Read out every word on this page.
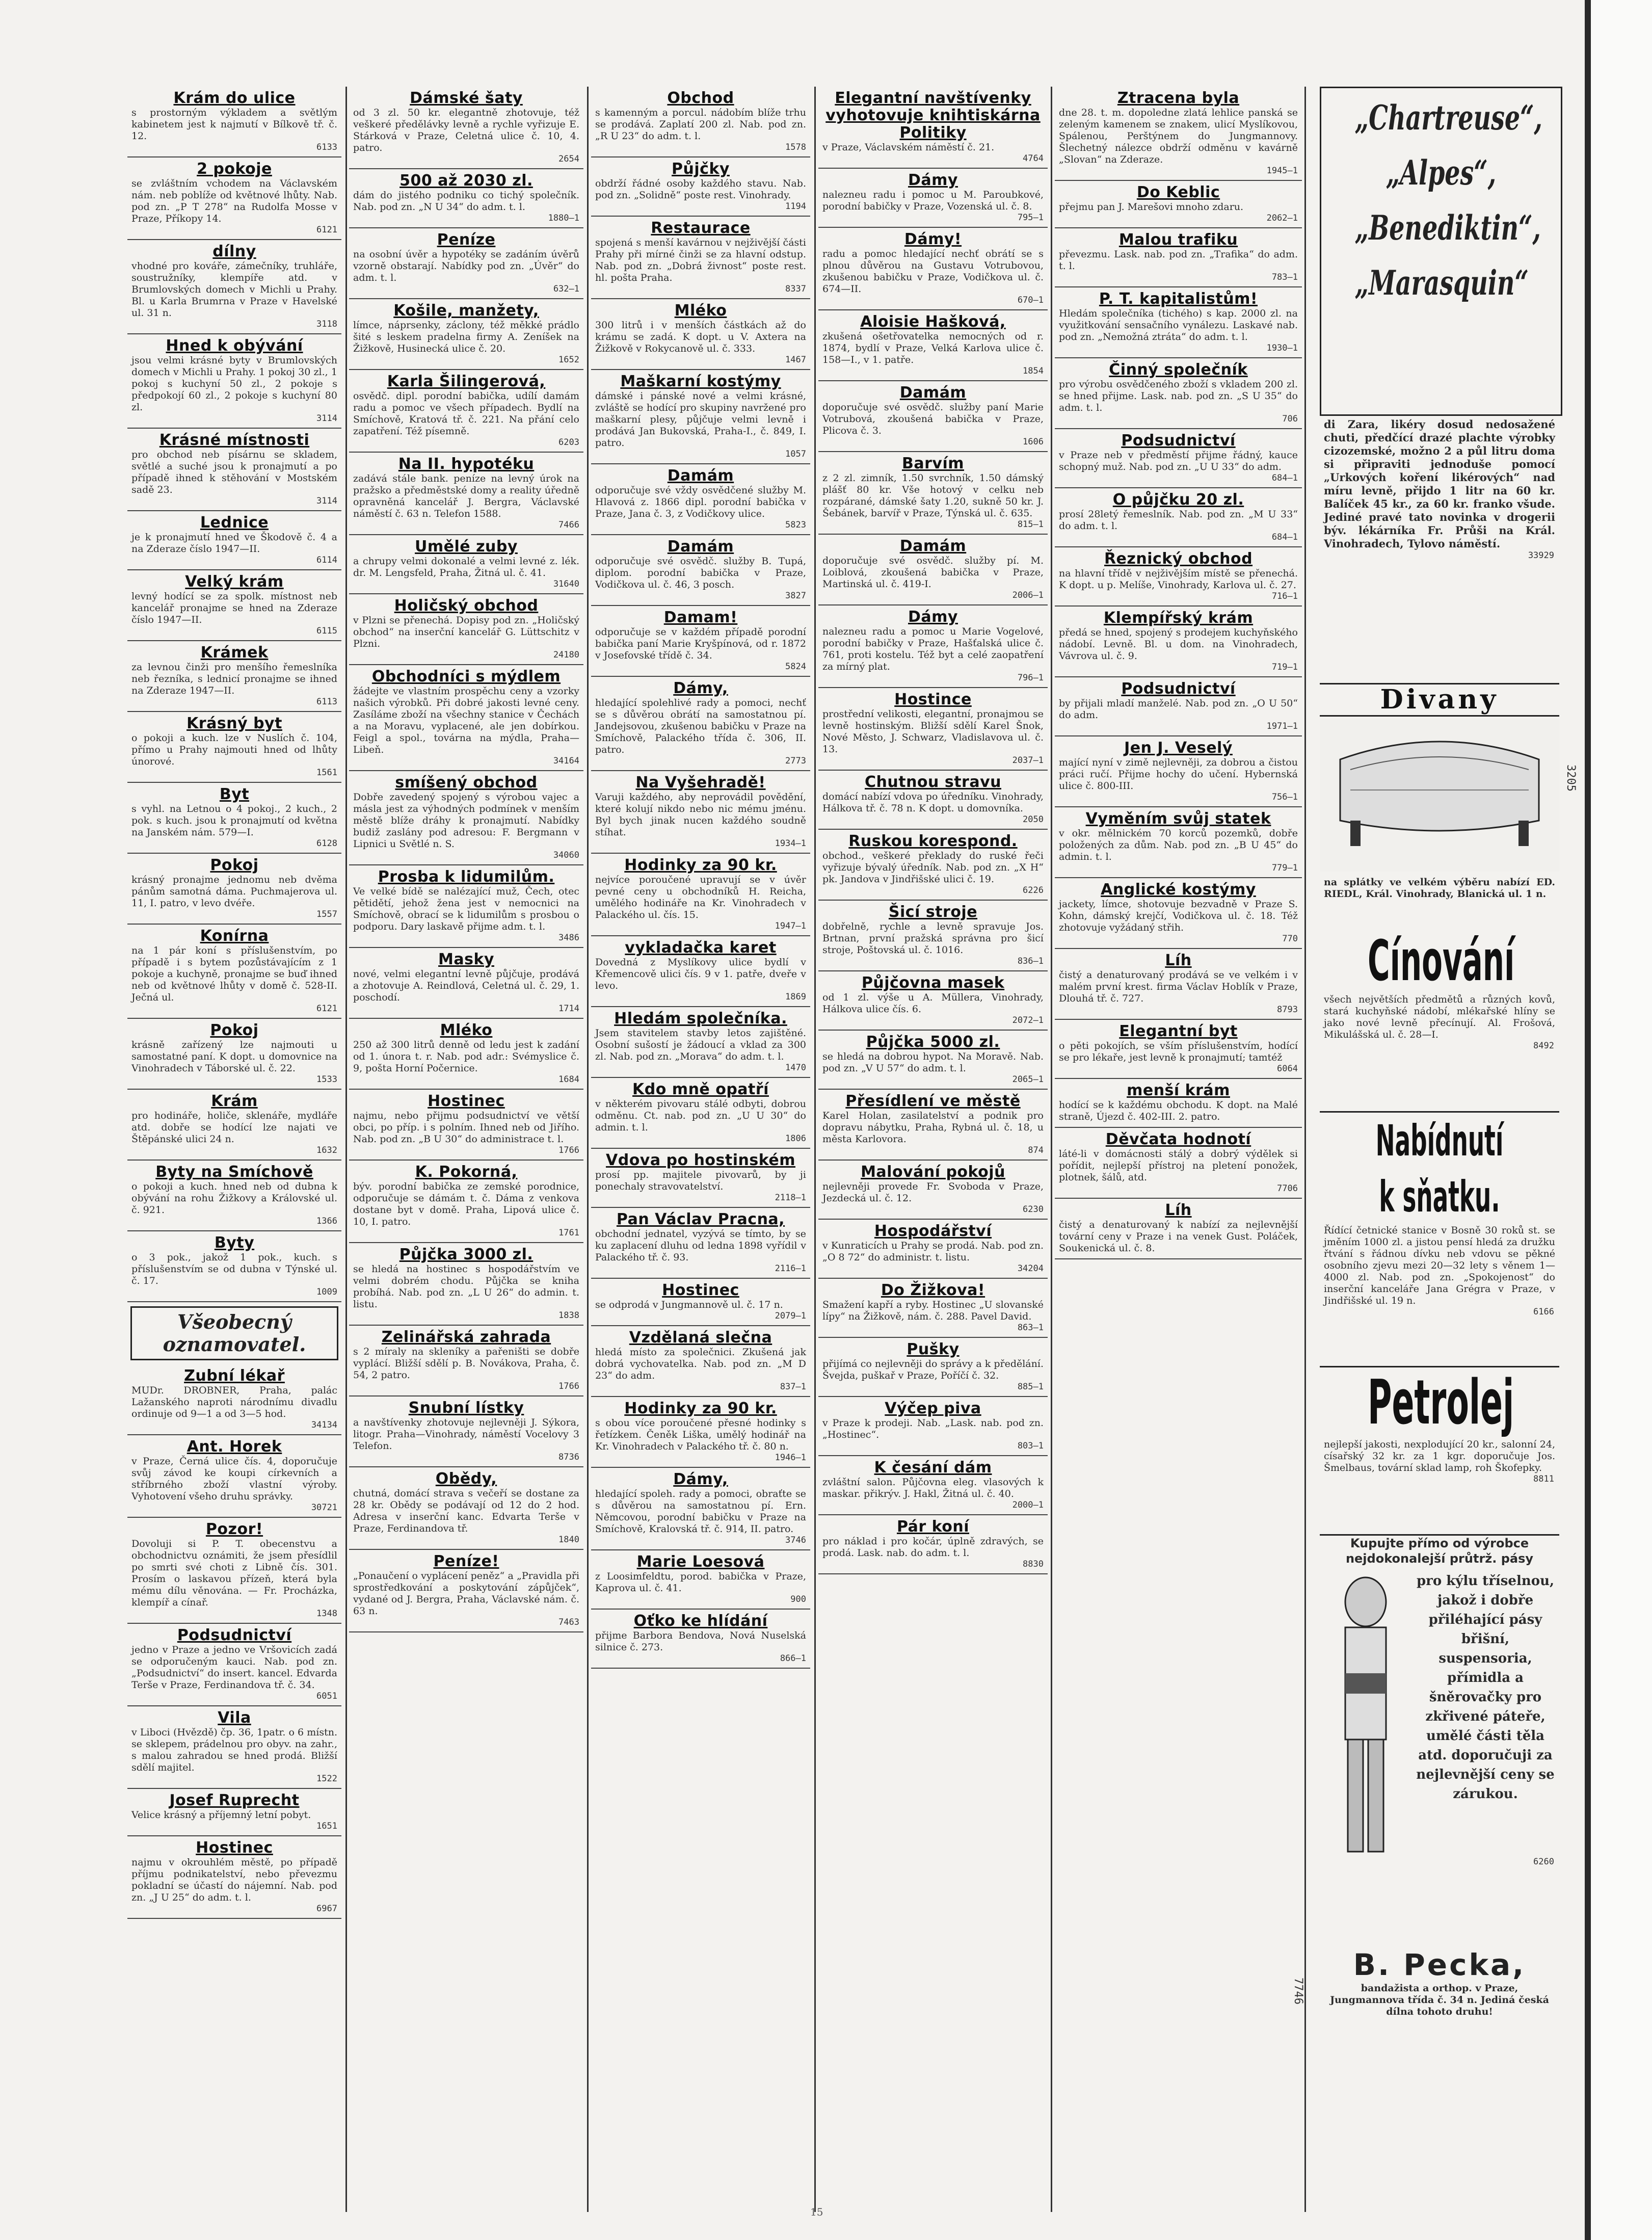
Krám do ulice
s prostorným výkladem a světlým kabinetem jest k najmutí v Bílkově tř. č. 12.
6133
2 pokoje
se zvláštním vchodem na Václavském nám. neb poblíže od květnové lhůty. Nab. pod zn. „P T 278“ na Rudolfa Mosse v Praze, Příkopy 14.
6121
dílny
vhodné pro kováře, zámečníky, truhláře, soustružníky, klempíře atd. v Brumlovských domech v Michli u Prahy. Bl. u Karla Brumrna v Praze v Havelské ul. 31 n.
3118
Hned k obývání
jsou velmi krásné byty v Brumlovských domech v Michli u Prahy. 1 pokoj 30 zl., 1 pokoj s kuchyní 50 zl., 2 pokoje s předpokojí 60 zl., 2 pokoje s kuchyní 80 zl.
3114
Krásné místnosti
pro obchod neb písárnu se skladem, světlé a suché jsou k pronajmutí a po případě ihned k stěhování v Mostském sadě 23.
3114
Lednice
je k pronajmutí hned ve Škodově č. 4 a na Zderaze číslo 1947—II.
6114
Velký krám
levný hodící se za spolk. místnost neb kancelář pronajme se hned na Zderaze číslo 1947—II.
6115
Krámek
za levnou činži pro menšího řemeslníka neb řezníka, s lednicí pronajme se ihned na Zderaze 1947—II.
6113
Krásný byt
o pokoji a kuch. lze v Nuslích č. 104, přímo u Prahy najmouti hned od lhůty únorové.
1561
Byt
s vyhl. na Letnou o 4 pokoj., 2 kuch., 2 pok. s kuch. jsou k pronajmutí od května na Janském nám. 579—I.
6128
Pokoj
krásný pronajme jednomu neb dvěma pánům samotná dáma. Puchmajerova ul. 11, I. patro, v levo dvéře.
1557
Konírna
na 1 pár koní s příslušenstvím, po případě i s bytem pozůstávajícím z 1 pokoje a kuchyně, pronajme se buď ihned neb od květnové lhůty v domě č. 528-II. Ječná ul.
6121
Pokoj
krásně zařízený lze najmouti u samostatné paní. K dopt. u domovnice na Vinohradech v Táborské ul. č. 22.
1533
Krám
pro hodináře, holiče, sklenáře, mydláře atd. dobře se hodící lze najati ve Štěpánské ulici 24 n.
1632
Byty na Smíchově
o pokoji a kuch. hned neb od dubna k obývání na rohu Žižkovy a Královské ul. č. 921.
1366
Byty
o 3 pok., jakož 1 pok., kuch. s příslušenstvím se od dubna v Týnské ul. č. 17.
1009
Všeobecný oznamovatel.
Zubní lékař
MUDr. DROBNER, Praha, palác Lažanského naproti národnímu divadlu ordinuje od 9—1 a od 3—5 hod.
34134
Ant. Horek
v Praze, Černá ulice čís. 4, doporučuje svůj závod ke koupi církevních a stříbrného zboží vlastní výroby. Vyhotovení všeho druhu správky.
30721
Pozor!
Dovoluji si P. T. obecenstvu a obchodnictvu oznámiti, že jsem přesídlil po smrti své choti z Libně čís. 301. Prosím o laskavou přízeň, která byla mému dílu věnována. — Fr. Procházka, klempíř a cínař.
1348
Podsudnictví
jedno v Praze a jedno ve Vršovicích zadá se odporučeným kauci. Nab. pod zn. „Podsudnictví“ do insert. kancel. Edvarda Terše v Praze, Ferdinandova tř. č. 34.
6051
Vila
v Liboci (Hvězdě) čp. 36, 1patr. o 6 místn. se sklepem, prádelnou pro obyv. na zahr., s malou zahradou se hned prodá. Bližší sdělí majitel.
1522
Josef Ruprecht
Velice krásný a příjemný letní pobyt.
1651
Hostinec
najmu v okrouhlém městě, po případě příjmu podnikatelství, nebo převezmu pokladní se účastí do nájemní. Nab. pod zn. „J U 25“ do adm. t. l.
6967
Dámské šaty
od 3 zl. 50 kr. elegantně zhotovuje, též veškeré předělávky levně a rychle vyřizuje E. Stárková v Praze, Celetná ulice č. 10, 4. patro.
2654
500 až 2030 zl.
dám do jistého podniku co tichý společník. Nab. pod zn. „N U 34“ do adm. t. l.
1880—1
Peníze
na osobní úvěr a hypotéky se zadáním úvěrů vzorně obstarají. Nabídky pod zn. „Úvěr“ do adm. t. l.
632—1
Košile, manžety,
límce, náprsenky, záclony, též měkké prádlo šité s leskem pradelna firmy A. Zeníšek na Žižkově, Husinecká ulice č. 20.
1652
Karla Šilingerová,
osvědč. dipl. porodní babička, udílí damám radu a pomoc ve všech případech. Bydlí na Smíchově, Kratová tř. č. 221. Na přání celo zapatření. Též písemně.
6203
Na II. hypotéku
zadává stále bank. peníze na levný úrok na pražsko a předměstské domy a reality úředně opravněná kancelář J. Bergra, Václavské náměstí č. 63 n. Telefon 1588.
7466
Umělé zuby
a chrupy velmi dokonalé a velmi levné z. lék. dr. M. Lengsfeld, Praha, Žitná ul. č. 41.
31640
Holičský obchod
v Plzni se přenechá. Dopisy pod zn. „Holičský obchod“ na inserční kancelář G. Lüttschitz v Plzni.
24180
Obchodníci s mýdlem
žádejte ve vlastním prospěchu ceny a vzorky našich výrobků. Při dobré jakosti levné ceny. Zasíláme zboží na všechny stanice v Čechách a na Moravu, vyplacené, ale jen dobírkou. Feigl a spol., továrna na mýdla, Praha—Libeň.
34164
smíšený obchod
Dobře zavedený spojený s výrobou vajec a másla jest za výhodných podmínek v menším městě blíže dráhy k pronajmutí. Nabídky budiž zaslány pod adresou: F. Bergmann v Lipnici u Světlé n. S.
34060
Prosba k lidumilům.
Ve velké bídě se nalézající muž, Čech, otec pětidětí, jehož žena jest v nemocnici na Smíchově, obrací se k lidumilům s prosbou o podporu. Dary laskavě přijme adm. t. l.
3486
Masky
nové, velmi elegantní levně půjčuje, prodává a zhotovuje A. Reindlová, Celetná ul. č. 29, 1. poschodí.
1714
Mléko
250 až 300 litrů denně od ledu jest k zadání od 1. února t. r. Nab. pod adr.: Svémyslice č. 9, pošta Horní Počernice.
1684
Hostinec
najmu, nebo přijmu podsudnictví ve větší obci, po příp. i s polním. Ihned neb od Jiřího. Nab. pod zn. „B U 30“ do administrace t. l.
1766
K. Pokorná,
býv. porodní babička ze zemské porodnice, odporučuje se dámám t. č. Dáma z venkova dostane byt v domě. Praha, Lipová ulice č. 10, I. patro.
1761
Půjčka 3000 zl.
se hledá na hostinec s hospodářstvím ve velmi dobrém chodu. Půjčka se kniha probíhá. Nab. pod zn. „L U 26“ do admin. t. listu.
1838
Zelinářská zahrada
s 2 míraly na skleníky a pařeništi se dobře vyplácí. Bližší sdělí p. B. Novákova, Praha, č. 54, 2 patro.
1766
Snubní lístky
a navštívenky zhotovuje nejlevněji J. Sýkora, litogr. Praha—Vinohrady, náměstí Vocelovy 3 Telefon.
8736
Obědy,
chutná, domácí strava s večeří se dostane za 28 kr. Obědy se podávají od 12 do 2 hod. Adresa v inserční kanc. Edvarta Terše v Praze, Ferdinandova tř.
1840
Peníze!
„Ponaučení o vyplácení peněz“ a „Pravidla při sprostředkování a poskytování zápůjček“, vydané od J. Bergra, Praha, Václavské nám. č. 63 n.
7463
Obchod
s kamenným a porcul. nádobím blíže trhu se prodává. Zaplatí 200 zl. Nab. pod zn. „R U 23“ do adm. t. l.
1578
Půjčky
obdrží řádné osoby každého stavu. Nab. pod zn. „Solidně“ poste rest. Vinohrady.
1194
Restaurace
spojená s menší kavárnou v nejživější části Prahy při mírné činži se za hlavní odstup. Nab. pod zn. „Dobrá živnost“ poste rest. hl. pošta Praha.
8337
Mléko
300 litrů i v menších částkách až do krámu se zadá. K dopt. u V. Axtera na Žižkově v Rokycanově ul. č. 333.
1467
Maškarní kostýmy
dámské i pánské nové a velmi krásné, zvláště se hodící pro skupiny navržené pro maškarní plesy, půjčuje velmi levně i prodává Jan Bukovská, Praha-I., č. 849, I. patro.
1057
Damám
odporučuje své vždy osvědčené služby M. Hlavová z. 1866 dipl. porodní babička v Praze, Jana č. 3, z Vodičkovy ulice.
5823
Damám
odporučuje své osvědč. služby B. Tupá, diplom. porodní babička v Praze, Vodičkova ul. č. 46, 3 posch.
3827
Damam!
odporučuje se v každém případě porodní babička paní Marie Kryšpínová, od r. 1872 v Josefovské třídě č. 34.
5824
Dámy,
hledající spolehlivé rady a pomoci, nechť se s důvěrou obrátí na samostatnou pí. Jandejsovou, zkušenou babičku v Praze na Smíchově, Palackého třída č. 306, II. patro.
2773
Na Vyšehradě!
Varuji každého, aby neprovádil povědění, které kolují nikdo nebo nic mému jménu. Byl bych jinak nucen každého soudně stíhat.
1934—1
Hodinky za 90 kr.
nejvíce poroučené upravují se v úvěr pevné ceny u obchodníků H. Reicha, umělého hodináře na Kr. Vinohradech v Palackého ul. čís. 15.
1947—1
vykladačka karet
Dovedná z Myslíkovy ulice bydlí v Křemencově ulici čís. 9 v 1. patře, dveře v levo.
1869
Hledám společníka.
Jsem stavitelem stavby letos zajištěné. Osobní sušostí je žádoucí a vklad za 300 zl. Nab. pod zn. „Morava“ do adm. t. l.
1470
Kdo mně opatří
v některém pivovaru stálé odbyti, dobrou odměnu. Ct. nab. pod zn. „U U 30“ do admin. t. l.
1806
Vdova po hostinském
prosí pp. majitele pivovarů, by ji ponechaly stravovatelství.
2118—1
Pan Václav Pracna,
obchodní jednatel, vyzývá se tímto, by se ku zaplacení dluhu od ledna 1898 vyřídil v Palackého tř. č. 93.
2116—1
Hostinec
se odprodá v Jungmannově ul. č. 17 n.
2079—1
Vzdělaná slečna
hledá místo za společnici. Zkušená jak dobrá vychovatelka. Nab. pod zn. „M D 23“ do adm.
837—1
Hodinky za 90 kr.
s obou více poroučené přesné hodinky s řetízkem. Čeněk Liška, umělý hodinář na Kr. Vinohradech v Palackého tř. č. 80 n.
1946—1
Dámy,
hledající spoleh. rady a pomoci, obraťte se s důvěrou na samostatnou pí. Ern. Němcovou, porodní babičku v Praze na Smíchově, Kralovská tř. č. 914, II. patro.
3746
Marie Loesová
z Loosimfeldtu, porod. babička v Praze, Kaprova ul. č. 41.
900
Oťko ke hlídání
přijme Barbora Bendova, Nová Nuselská silnice č. 273.
866—1
Elegantní navštívenky vyhotovuje knihtiskárna Politiky
v Praze, Václavském náměstí č. 21.
4764
Dámy
nalezneu radu i pomoc u M. Paroubkové, porodní babičky v Praze, Vozenská ul. č. 8.
795—1
Dámy!
radu a pomoc hledající nechť obrátí se s plnou důvěrou na Gustavu Votrubovou, zkušenou babičku v Praze, Vodičkova ul. č. 674—II.
670—1
Aloisie Hašková,
zkušená ošetřovatelka nemocných od r. 1874, bydlí v Praze, Velká Karlova ulice č. 158—I., v 1. patře.
1854
Damám
doporučuje své osvědč. služby paní Marie Votrubová, zkoušená babička v Praze, Plicova č. 3.
1606
Barvím
z 2 zl. zimník, 1.50 svrchník, 1.50 dámský plášť 80 kr. Vše hotový v celku neb rozpárané, dámské šaty 1.20, sukně 50 kr. J. Šebánek, barvíř v Praze, Týnská ul. č. 635.
815—1
Damám
doporučuje své osvědč. služby pí. M. Loiblová, zkoušená babička v Praze, Martinská ul. č. 419-I.
2006—1
Dámy
nalezneu radu a pomoc u Marie Vogelové, porodní babičky v Praze, Hašťalská ulice č. 761, proti kostelu. Též byt a celé zaopatření za mírný plat.
796—1
Hostince
prostřední velikosti, elegantní, pronajmou se levně hostinským. Bližší sdělí Karel Šnok, Nové Město, J. Schwarz, Vladislavova ul. č. 13.
2037—1
Chutnou stravu
domácí nabízí vdova po úředníku. Vinohrady, Hálkova tř. č. 78 n. K dopt. u domovníka.
2050
Ruskou korespond.
obchod., veškeré překlady do ruské řeči vyřizuje bývalý úředník. Nab. pod zn. „X H“ pk. Jandova v Jindřišské ulici č. 19.
6226
Šicí stroje
dobřelně, rychle a levně spravuje Jos. Brtnan, první pražská správna pro šicí stroje, Poštovská ul. č. 1016.
836—1
Půjčovna masek
od 1 zl. výše u A. Müllera, Vinohrady, Hálkova ulice čís. 6.
2072—1
Půjčka 5000 zl.
se hledá na dobrou hypot. Na Moravě. Nab. pod zn. „V U 57“ do adm. t. l.
2065—1
Přesídlení ve městě
Karel Holan, zasilatelství a podnik pro dopravu nábytku, Praha, Rybná ul. č. 18, u města Karlovora.
874
Malování pokojů
nejlevněji provede Fr. Svoboda v Praze, Jezdecká ul. č. 12.
6230
Hospodářství
v Kunraticích u Prahy se prodá. Nab. pod zn. „O 8 72“ do administr. t. listu.
34204
Do Žižkova!
Smažení kapří a ryby. Hostinec „U slovanské lípy“ na Žižkově, nám. č. 288. Pavel David.
863—1
Pušky
přijímá co nejlevněji do správy a k předělání. Švejda, puškař v Praze, Poříčí č. 32.
885—1
Výčep piva
v Praze k prodeji. Nab. „Lask. nab. pod zn. „Hostinec“.
803—1
K česání dám
zvláštní salon. Půjčovna eleg. vlasových k maskar. přikrýv. J. Hakl, Žitná ul. č. 40.
2000—1
Pár koní
pro náklad i pro kočár, úplně zdravých, se prodá. Lask. nab. do adm. t. l.
8830
Ztracena byla
dne 28. t. m. dopoledne zlatá lehlice panská se zeleným kamenem se znakem, ulicí Myslíkovou, Spálenou, Perštýnem do Jungmannovy. Šlechetný nálezce obdrží odměnu v kavárně „Slovan“ na Zderaze.
1945—1
Do Keblic
přejmu pan J. Marešovi mnoho zdaru.
2062—1
Malou trafiku
převezmu. Lask. nab. pod zn. „Trafika“ do adm. t. l.
783—1
P. T. kapitalistům!
Hledám společníka (tichého) s kap. 2000 zl. na využitkování sensačního vynálezu. Laskavé nab. pod zn. „Nemožná ztráta“ do adm. t. l.
1930—1
Činný společník
pro výrobu osvědčeného zboží s vkladem 200 zl. se hned přijme. Lask. nab. pod zn. „S U 35“ do adm. t. l.
706
Podsudnictví
v Praze neb v předměstí přijme řádný, kauce schopný muž. Nab. pod zn. „U U 33“ do adm.
684—1
O půjčku 20 zl.
prosí 28letý řemeslník. Nab. pod zn. „M U 33“ do adm. t. l.
684—1
Řeznický obchod
na hlavní třídě v nejživějším místě se přenechá. K dopt. u p. Melíše, Vinohrady, Karlova ul. č. 27.
716—1
Klempířský krám
předá se hned, spojený s prodejem kuchyňského nádobí. Levně. Bl. u dom. na Vinohradech, Vávrova ul. č. 9.
719—1
Podsudnictví
by přijali mladí manželé. Nab. pod zn. „O U 50“ do adm.
1971—1
Jen J. Veselý
mající nyní v zimě nejlevněji, za dobrou a čistou práci ručí. Přijme hochy do učení. Hybernská ulice č. 800-III.
756—1
Vyměním svůj statek
v okr. mělnickém 70 korců pozemků, dobře položených za dům. Nab. pod zn. „B U 45“ do admin. t. l.
779—1
Anglické kostýmy
jackety, límce, shotovuje bezvadně v Praze S. Kohn, dámský krejčí, Vodičkova ul. č. 18. Též zhotovuje vyžádaný střih.
770
Líh
čistý a denaturovaný prodává se ve velkém i v malém první krest. firma Václav Hoblík v Praze, Dlouhá tř. č. 727.
8793
Elegantní byt
o pěti pokojích, se vším příslušenstvím, hodící se pro lékaře, jest levně k pronajmutí; tamtéž
6064
menší krám
hodící se k každému obchodu. K dopt. na Malé straně, Újezd č. 402-III. 2. patro.
Děvčata hodnotí
láté-li v domácnosti stálý a dobrý výdělek si pořídit, nejlepší přístroj na pletení ponožek, plotnek, šálů, atd.
7706
Líh
čistý a denaturovaný k nabízí za nejlevnější tovární ceny v Praze i na venek Gust. Poláček, Soukenická ul. č. 8.
„Chartreuse“,
„Alpes“,
„Benediktin“,
„Marasquin“
di Zara, likéry dosud nedosažené chuti, předčící drazé plachte výrobky cizozemské, možno 2 a půl litru doma si připraviti jednoduše pomocí „Urkových koření likérových“ nad míru levně, přijdo 1 litr na 60 kr. Balíček 45 kr., za 60 kr. franko všude. Jediné pravé tato novinka v drogerii býv. lékárníka Fr. Průši na Král. Vinohradech, Tylovo náměstí.
33929
Divany
na splátky ve velkém výběru nabízí ED. RIEDL, Král. Vinohrady, Blanická ul. 1 n.
Cínování
všech největších předmětů a různých kovů, stará kuchyňské nádobí, mlékařské hlíny se jako nové levně přecínují. Al. Frošová, Mikulášská ul. č. 28—I.
8492
Nabídnutí k sňatku.
Řídící četnické stanice v Bosně 30 roků st. se jměním 1000 zl. a jistou pensí hledá za družku řtvání s řádnou dívku neb vdovu se pěkné osobního zjevu mezi 20—32 lety s věnem 1—4000 zl. Nab. pod zn. „Spokojenost“ do inserční kanceláře Jana Grégra v Praze, v Jindřišské ul. 19 n.
6166
Petrolej
nejlepší jakosti, nexplodující 20 kr., salonní 24, císařský 32 kr. za 1 kgr. doporučuje Jos. Šmelbaus, tovární sklad lamp, roh Škofepky.
8811
Kupujte přímo od výrobce nejdokonalejší průtrž. pásy
pro kýlu tříselnou, jakož i dobře přiléhající pásy břišní, suspensoria, přímidla a šněrovačky pro zkřivené páteře, umělé části těla atd. doporučuji za nejlevnější ceny se zárukou.
6260
B. Pecka,
bandažista a orthop. v Praze, Jungmannova třída č. 34 n. Jediná česká dílna tohoto druhu!
15
3205
7746
